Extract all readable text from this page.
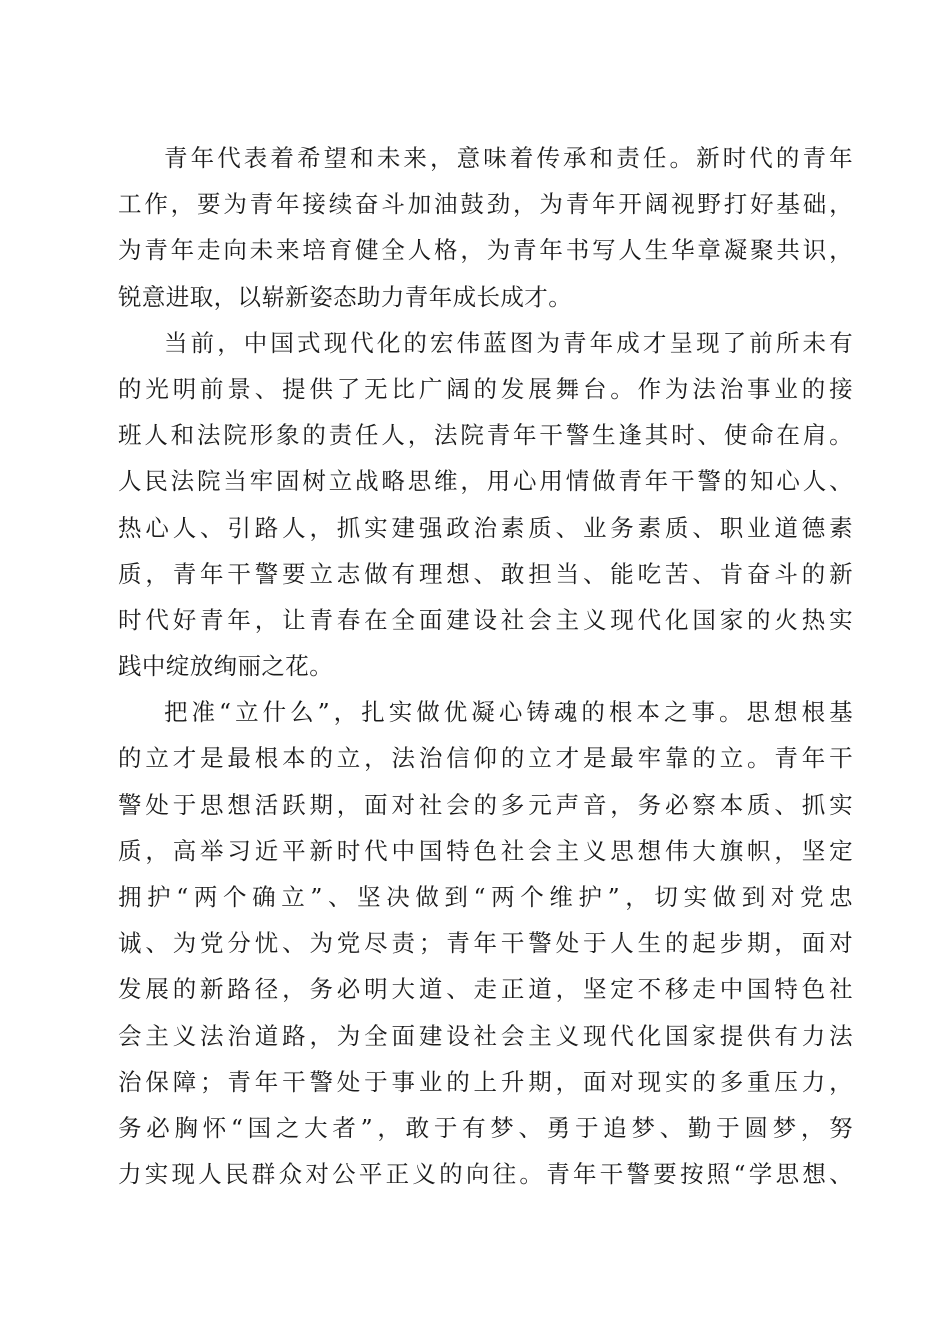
青年代表着希望和未来，意味着传承和责任。新时代的青年
工作，要为青年接续奋斗加油鼓劲，为青年开阔视野打好基础，
为青年走向未来培育健全人格，为青年书写人生华章凝聚共识，
锐意进取，以崭新姿态助力青年成长成才。
当前，中国式现代化的宏伟蓝图为青年成才呈现了前所未有
的光明前景、提供了无比广阔的发展舞台。作为法治事业的接
班人和法院形象的责任人，法院青年干警生逢其时、使命在肩。
人民法院当牢固树立战略思维，用心用情做青年干警的知心人、
热心人、引路人，抓实建强政治素质、业务素质、职业道德素
质，青年干警要立志做有理想、敢担当、能吃苦、肯奋斗的新
时代好青年，让青春在全面建设社会主义现代化国家的火热实
践中绽放绚丽之花。
把准“立什么”，扎实做优凝心铸魂的根本之事。思想根基
的立才是最根本的立，法治信仰的立才是最牢靠的立。青年干
警处于思想活跃期，面对社会的多元声音，务必察本质、抓实
质，高举习近平新时代中国特色社会主义思想伟大旗帜，坚定
拥护“两个确立”、坚决做到“两个维护”，切实做到对党忠
诚、为党分忧、为党尽责；青年干警处于人生的起步期，面对
发展的新路径，务必明大道、走正道，坚定不移走中国特色社
会主义法治道路，为全面建设社会主义现代化国家提供有力法
治保障；青年干警处于事业的上升期，面对现实的多重压力，
务必胸怀“国之大者”，敢于有梦、勇于追梦、勤于圆梦，努
力实现人民群众对公平正义的向往。青年干警要按照“学思想、
